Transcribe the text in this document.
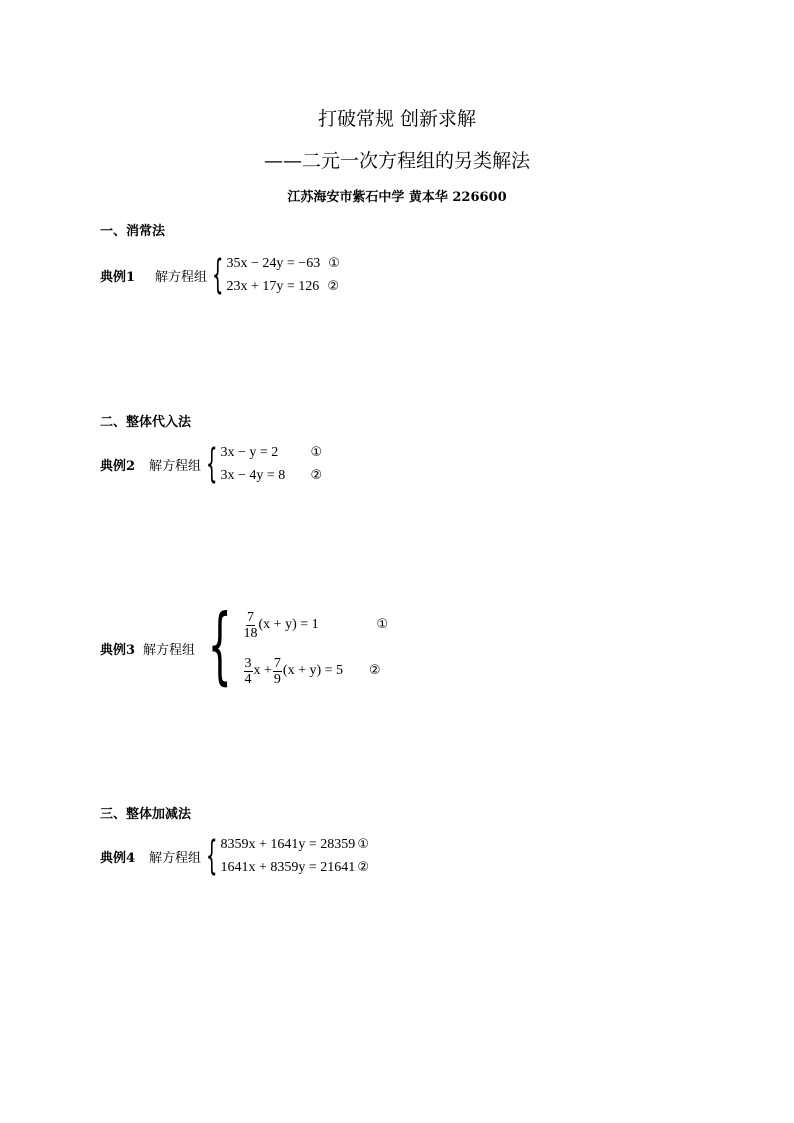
打破常规 创新求解
——二元一次方程组的另类解法
江苏海安市紫石中学 黄本华 226600
一、消常法
典例1 解方程组 { 35x − 24y = −63 ①
23x + 17y = 126 ②
二、整体代入法
典例2 解方程组 { 3x − y = 2	①
3x − 4y = 8	②
典例3 解方程组 { $\frac{7}{18} (x + y) = 1$	①
$\frac{3}{4}$ $x + \frac{7}{9} (x + y) = 5$	②
三、整体加减法
典例4 解方程组 { 8359x + 1641y = 28359 ①
1641x + 8359y = 21641 ②
